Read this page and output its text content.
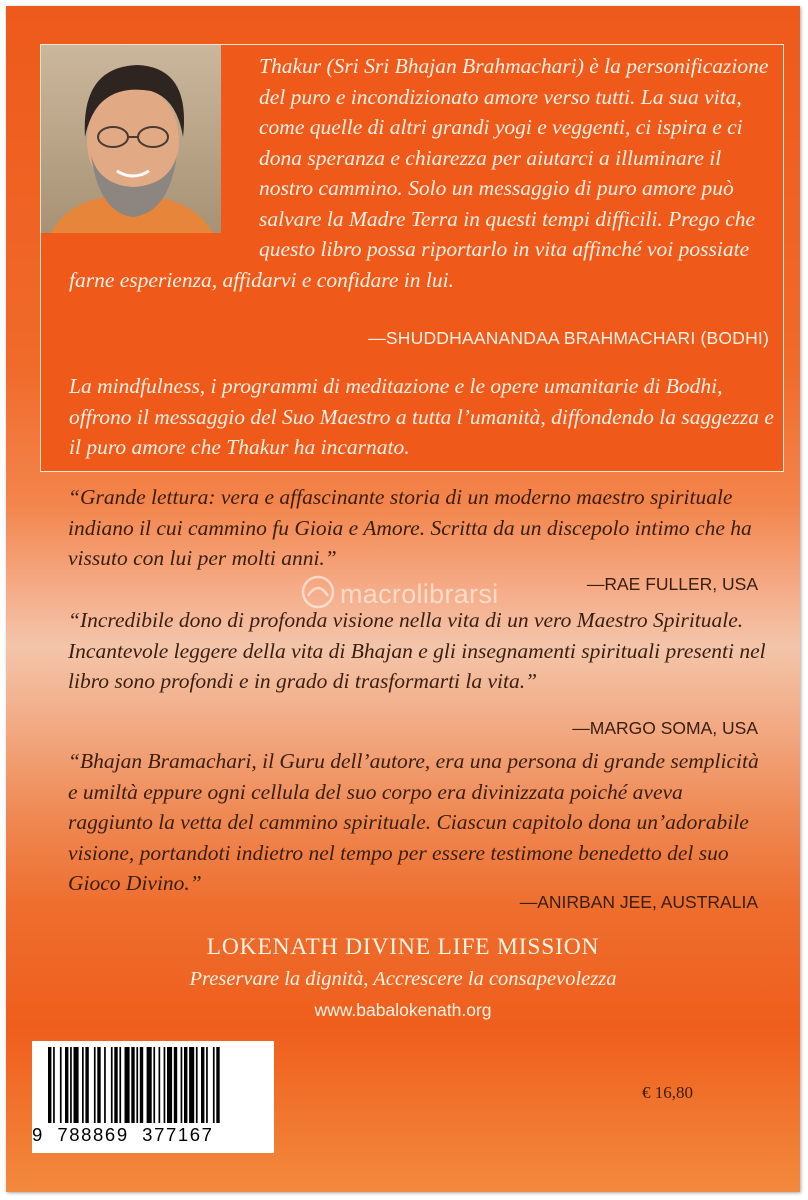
Thakur (Sri Sri Bhajan Brahmachari) è la personificazione del puro e incondizionato amore verso tutti. La sua vita, come quelle di altri grandi yogi e veggenti, ci ispira e ci dona speranza e chiarezza per aiutarci a illuminare il nostro cammino. Solo un messaggio di puro amore può salvare la Madre Terra in questi tempi difficili. Prego che questo libro possa riportarlo in vita affinché voi possiate farne esperienza, affidarvi e confidare in lui.

—SHUDDHAANANDAA BRAHMACHARI (BODHI)

La mindfulness, i programmi di meditazione e le opere umanitarie di Bodhi, offrono il messaggio del Suo Maestro a tutta l’umanità, diffondendo la saggezza e il puro amore che Thakur ha incarnato.

“Grande lettura: vera e affascinante storia di un moderno maestro spirituale indiano il cui cammino fu Gioia e Amore. Scritta da un discepolo intimo che ha vissuto con lui per molti anni.”

—RAE FULLER, USA
macrolibrarsi

“Incredibile dono di profonda visione nella vita di un vero Maestro Spirituale. Incantevole leggere della vita di Bhajan e gli insegnamenti spirituali presenti nel libro sono profondi e in grado di trasformarti la vita.”

—MARGO SOMA, USA

“Bhajan Bramachari, il Guru dell’autore, era una persona di grande semplicità e umiltà eppure ogni cellula del suo corpo era divinizzata poiché aveva raggiunto la vetta del cammino spirituale. Ciascun capitolo dona un’adorabile visione, portandoti indietro nel tempo per essere testimone benedetto del suo Gioco Divino.”

—ANIRBAN JEE, AUSTRALIA
LOKENATH DIVINE LIFE MISSION
Preservare la dignità, Accrescere la consapevolezza
www.babalokenath.org
9  788869  377167
€ 16,80
